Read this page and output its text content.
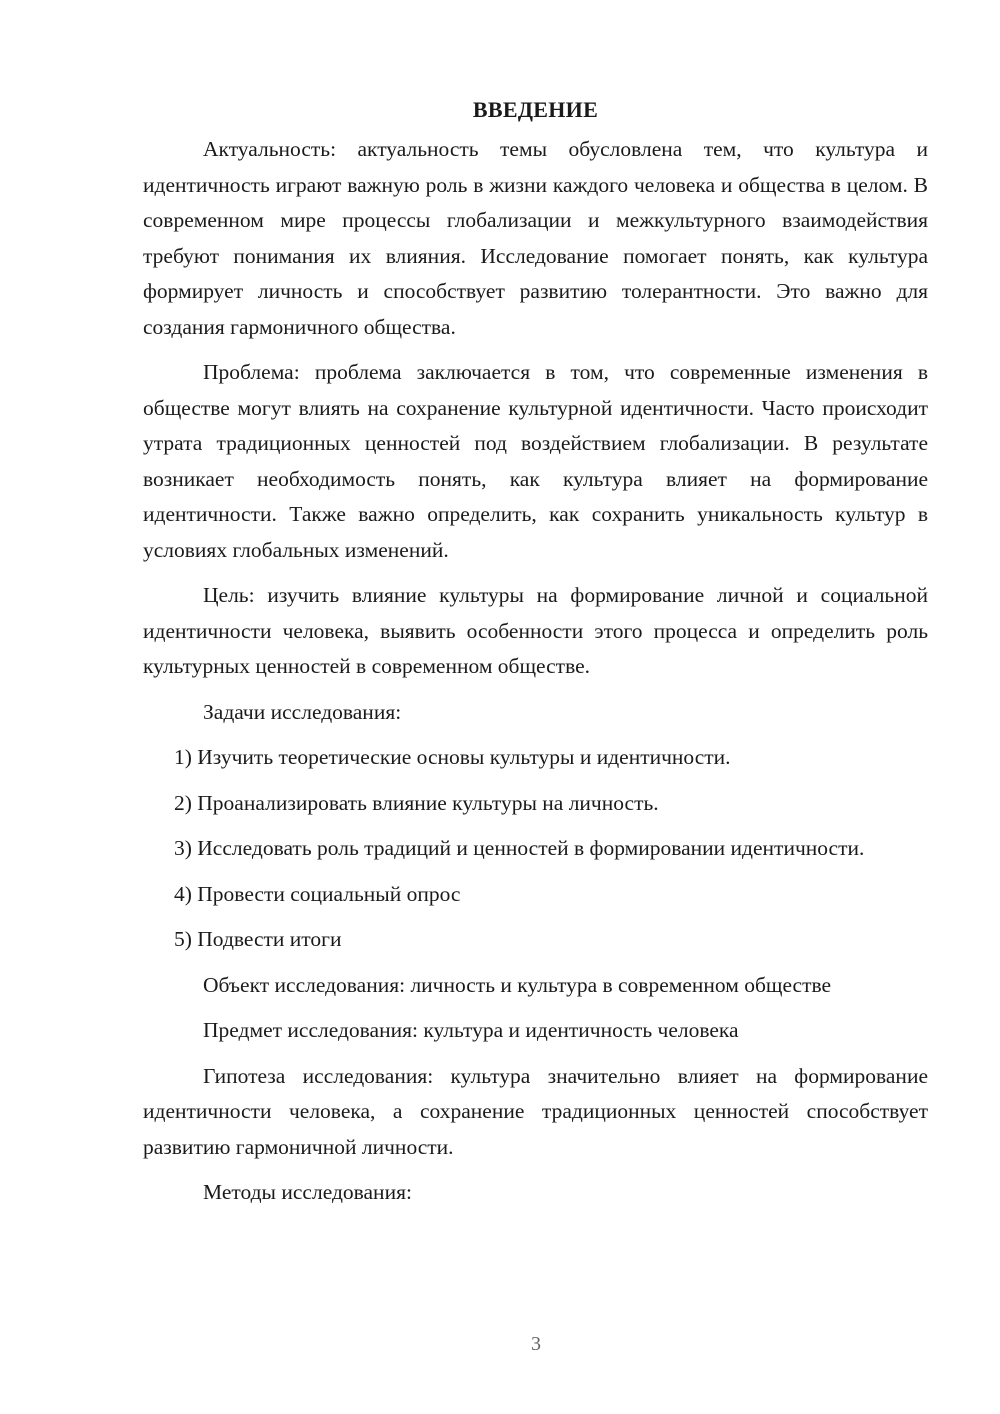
ВВЕДЕНИЕ

Актуальность: актуальность темы обусловлена тем, что культура и идентичность играют важную роль в жизни каждого человека и общества в целом. В современном мире процессы глобализации и межкультурного взаимодействия требуют понимания их влияния. Исследование помогает понять, как культура формирует личность и способствует развитию толерантности. Это важно для создания гармоничного общества.

Проблема: проблема заключается в том, что современные изменения в обществе могут влиять на сохранение культурной идентичности. Часто происходит утрата традиционных ценностей под воздействием глобализации. В результате возникает необходимость понять, как культура влияет на формирование идентичности. Также важно определить, как сохранить уникальность культур в условиях глобальных изменений.

Цель: изучить влияние культуры на формирование личной и социальной идентичности человека, выявить особенности этого процесса и определить роль культурных ценностей в современном обществе.

Задачи исследования:

1) Изучить теоретические основы культуры и идентичности.

2) Проанализировать влияние культуры на личность.

3) Исследовать роль традиций и ценностей в формировании идентичности.

4) Провести социальный опрос

5) Подвести итоги

Объект исследования: личность и культура в современном обществе

Предмет исследования: культура и идентичность человека

Гипотеза исследования: культура значительно влияет на формирование идентичности человека, а сохранение традиционных ценностей способствует развитию гармоничной личности.

Методы исследования:

3
